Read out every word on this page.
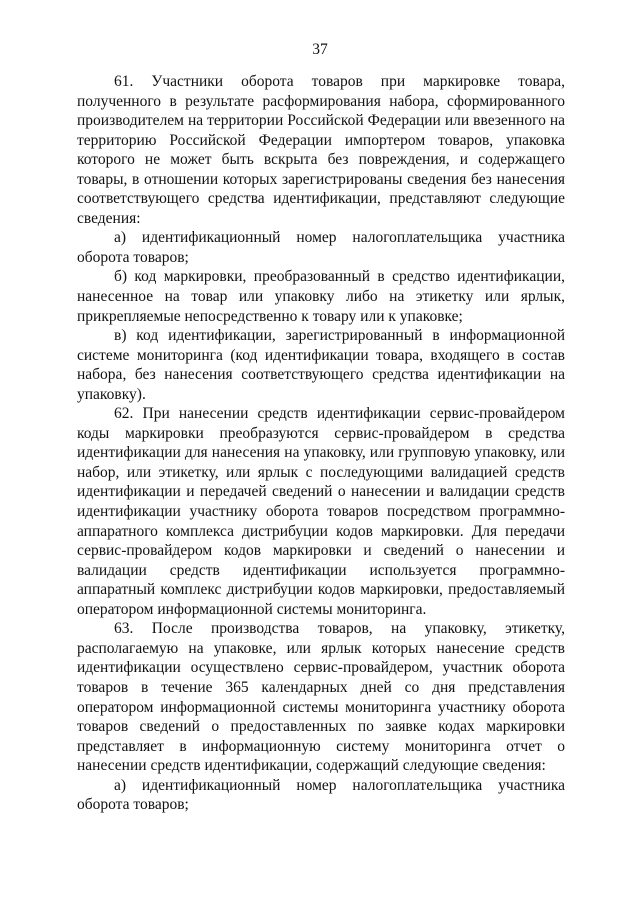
37

61. Участники оборота товаров при маркировке товара, полученного в результате расформирования набора, сформированного производителем на территории Российской Федерации или ввезенного на территорию Российской Федерации импортером товаров, упаковка которого не может быть вскрыта без повреждения, и содержащего товары, в отношении которых зарегистрированы сведения без нанесения соответствующего средства идентификации, представляют следующие сведения:

а) идентификационный номер налогоплательщика участника оборота товаров;

б) код маркировки, преобразованный в средство идентификации, нанесенное на товар или упаковку либо на этикетку или ярлык, прикрепляемые непосредственно к товару или к упаковке;

в) код идентификации, зарегистрированный в информационной системе мониторинга (код идентификации товара, входящего в состав набора, без нанесения соответствующего средства идентификации на упаковку).

62. При нанесении средств идентификации сервис-провайдером коды маркировки преобразуются сервис-провайдером в средства идентификации для нанесения на упаковку, или групповую упаковку, или набор, или этикетку, или ярлык с последующими валидацией средств идентификации и передачей сведений о нанесении и валидации средств идентификации участнику оборота товаров посредством программно-аппаратного комплекса дистрибуции кодов маркировки. Для передачи сервис-провайдером кодов маркировки и сведений о нанесении и валидации средств идентификации используется программно-аппаратный комплекс дистрибуции кодов маркировки, предоставляемый оператором информационной системы мониторинга.

63. После производства товаров, на упаковку, этикетку, располагаемую на упаковке, или ярлык которых нанесение средств идентификации осуществлено сервис-провайдером, участник оборота товаров в течение 365 календарных дней со дня представления оператором информационной системы мониторинга участнику оборота товаров сведений о предоставленных по заявке кодах маркировки представляет в информационную систему мониторинга отчет о нанесении средств идентификации, содержащий следующие сведения:

а) идентификационный номер налогоплательщика участника оборота товаров;
